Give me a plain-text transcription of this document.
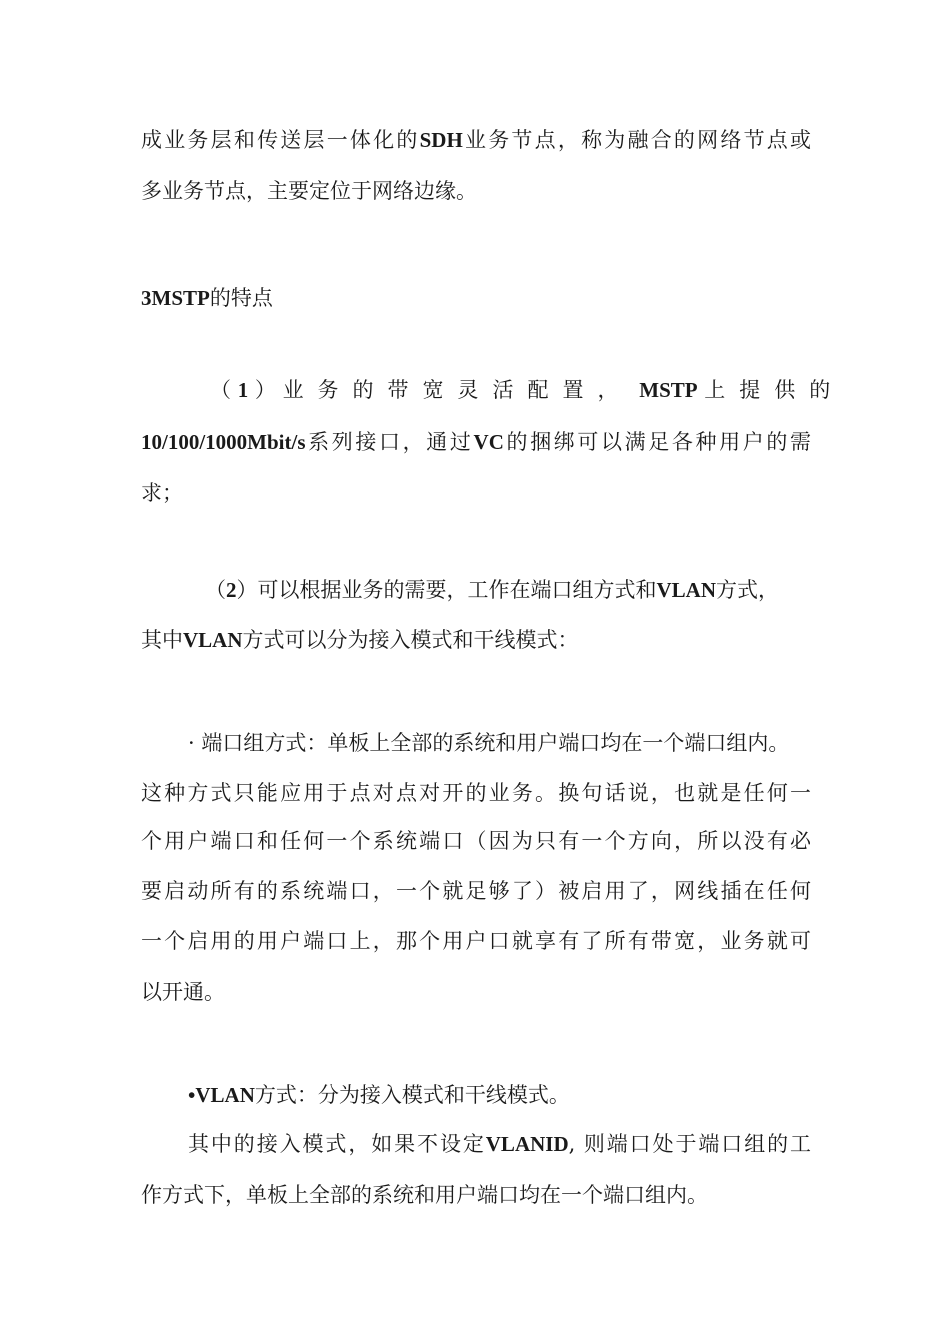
成业务层和传送层一体化的SDH业务节点，称为融合的网络节点或
多业务节点，主要定位于网络边缘。
3MSTP的特点
（ 1 ） 业务的带宽灵活配置， MSTP 上提供的
10/100/1000Mbit/s系列接口，通过VC的捆绑可以满足各种用户的需
求；
（2）可以根据业务的需要，工作在端口组方式和VLAN方式，
其中VLAN方式可以分为接入模式和干线模式：
· 端口组方式：单板上全部的系统和用户端口均在一个端口组内。
这种方式只能应用于点对点对开的业务。换句话说，也就是任何一
个用户端口和任何一个系统端口（因为只有一个方向，所以没有必
要启动所有的系统端口，一个就足够了）被启用了，网线插在任何
一个启用的用户端口上，那个用户口就享有了所有带宽，业务就可
以开通。
•VLAN方式：分为接入模式和干线模式。
其中的接入模式，如果不设定VLANID, 则端口处于端口组的工
作方式下，单板上全部的系统和用户端口均在一个端口组内。
